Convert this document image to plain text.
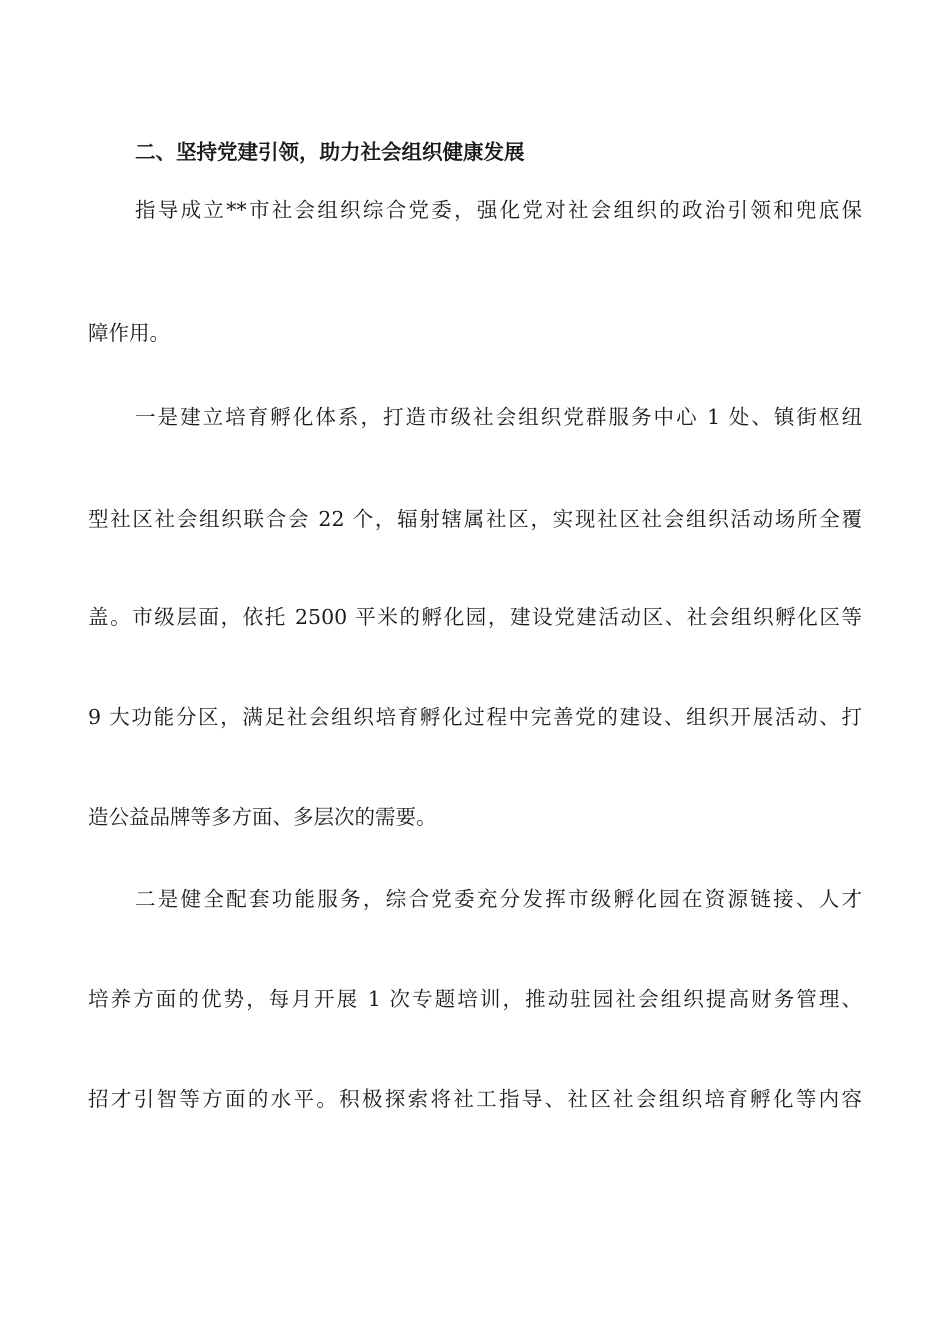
二、坚持党建引领，助力社会组织健康发展
指导成立**市社会组织综合党委，强化党对社会组织的政治引领和兜底保
障作用。
一是建立培育孵化体系，打造市级社会组织党群服务中心 1 处、镇街枢纽
型社区社会组织联合会 22 个，辐射辖属社区，实现社区社会组织活动场所全覆
盖。市级层面，依托 2500 平米的孵化园，建设党建活动区、社会组织孵化区等
9 大功能分区，满足社会组织培育孵化过程中完善党的建设、组织开展活动、打
造公益品牌等多方面、多层次的需要。
二是健全配套功能服务，综合党委充分发挥市级孵化园在资源链接、人才
培养方面的优势，每月开展 1 次专题培训，推动驻园社会组织提高财务管理、
招才引智等方面的水平。积极探索将社工指导、社区社会组织培育孵化等内容
